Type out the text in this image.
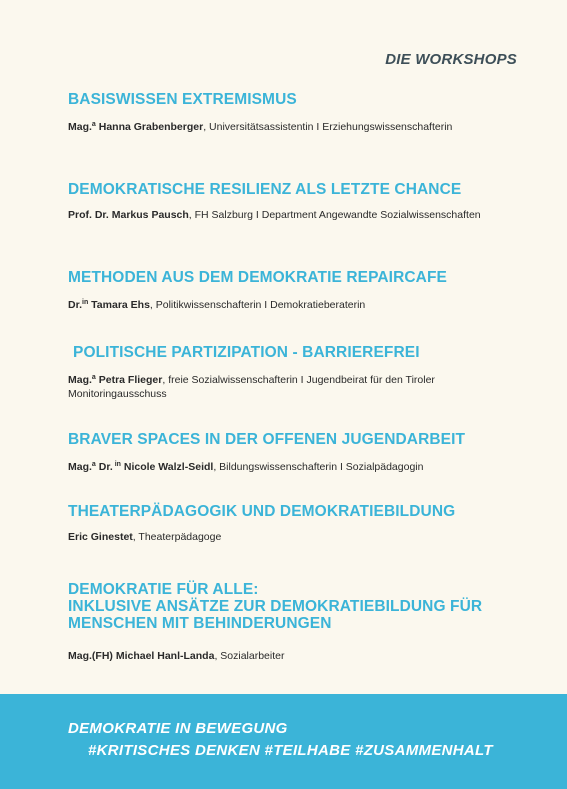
DIE WORKSHOPS
BASISWISSEN EXTREMISMUS
Mag.$^a$ Hanna Grabenberger, Universitätsassistentin I Erziehungswissenschafterin
DEMOKRATISCHE RESILIENZ ALS LETZTE CHANCE
Prof. Dr. Markus Pausch, FH Salzburg I Department Angewandte Sozialwissenschaften
METHODEN AUS DEM DEMOKRATIE REPAIRCAFE
Dr.$^{in}$ Tamara Ehs, Politikwissenschafterin I Demokratieberaterin
POLITISCHE PARTIZIPATION - BARRIEREFREI
Mag.$^a$ Petra Flieger, freie Sozialwissenschafterin I Jugendbeirat für den Tiroler Monitoringausschuss
BRAVER SPACES IN DER OFFENEN JUGENDARBEIT
Mag.$^a$ Dr. $^{in}$ Nicole Walzl-Seidl, Bildungswissenschafterin I Sozialpädagogin
THEATERPÄDAGOGIK UND DEMOKRATIEBILDUNG
Eric Ginestet, Theaterpädagoge
DEMOKRATIE FÜR ALLE:
INKLUSIVE ANSÄTZE ZUR DEMOKRATIEBILDUNG FÜR
MENSCHEN MIT BEHINDERUNGEN
Mag.(FH) Michael Hanl-Landa, Sozialarbeiter
DEMOKRATIE IN BEWEGUNG
#KRITISCHES DENKEN #TEILHABE #ZUSAMMENHALT
